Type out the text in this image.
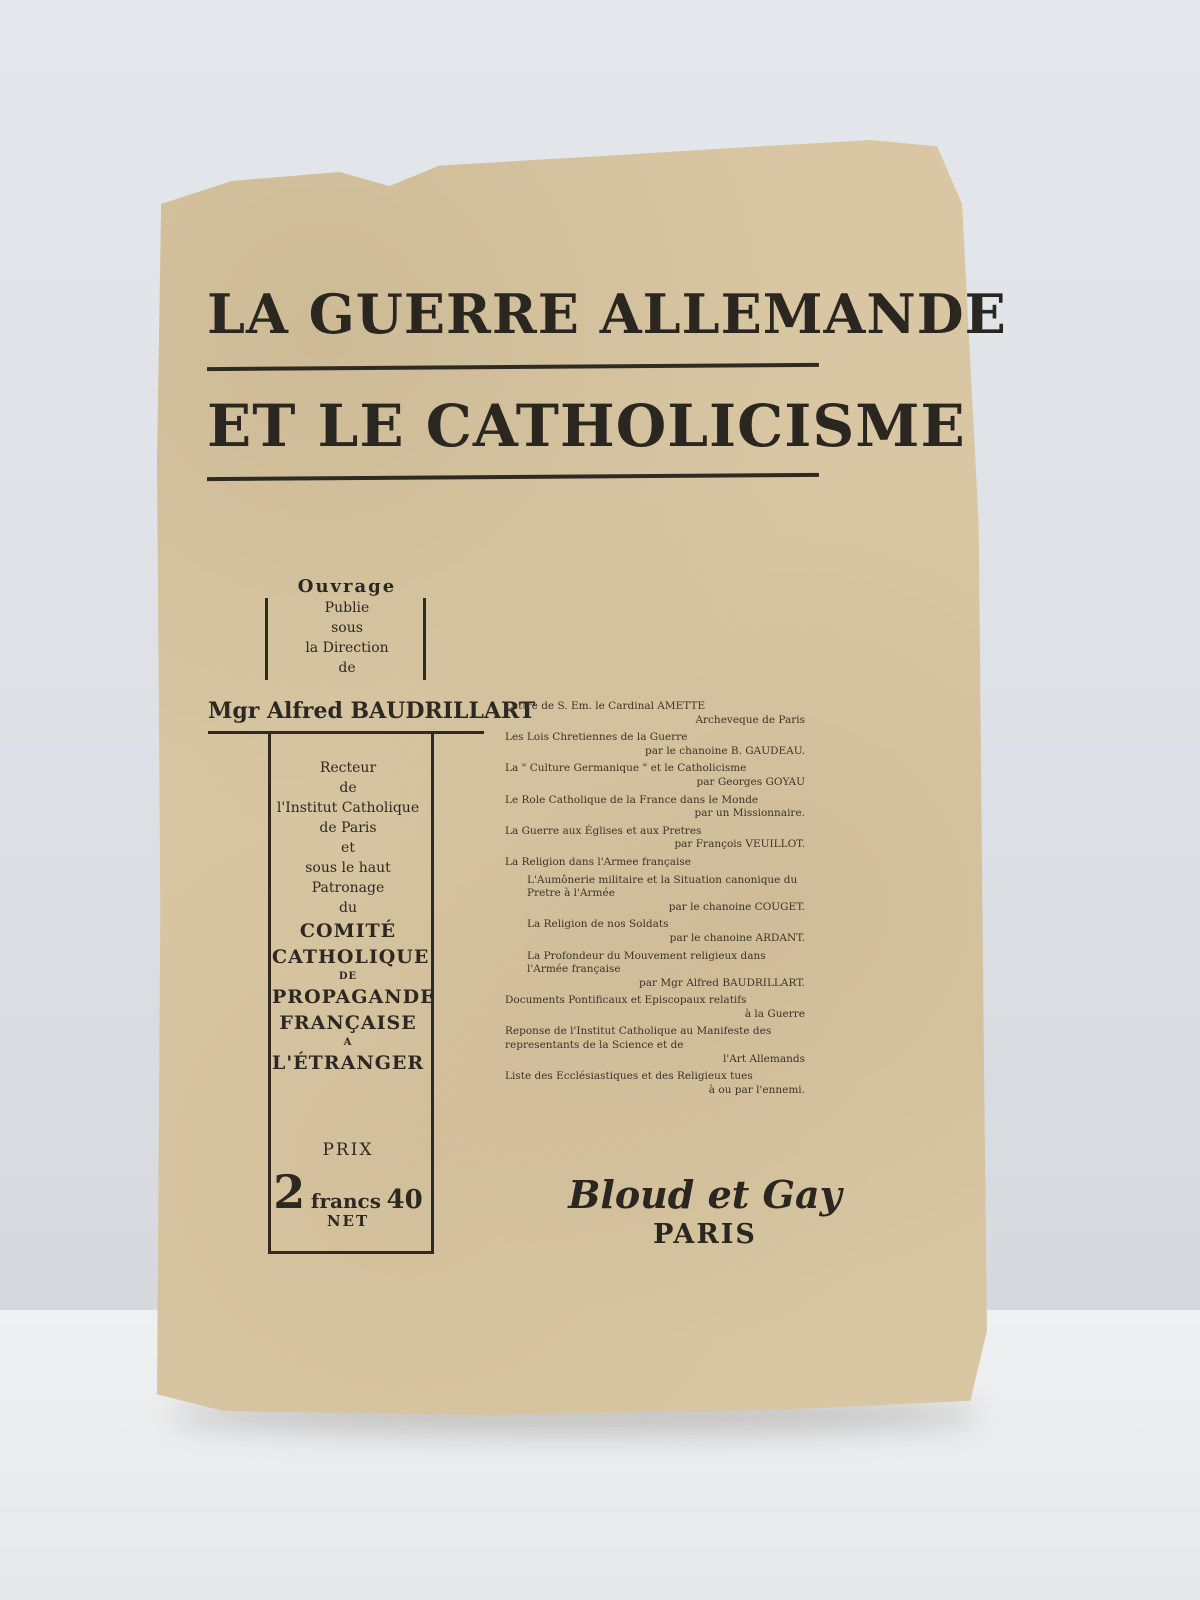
LA GUERRE ALLEMANDE
ET LE CATHOLICISME
Ouvrage
Publie
sous
la Direction
de
Mgr Alfred BAUDRILLART
Recteur
de
l'Institut Catholique
de Paris
et
sous le haut
Patronage
du
COMITÉ
CATHOLIQUE
DE
PROPAGANDE
FRANÇAISE
A
L'ÉTRANGER
PRIX
2 francs 40
NET
Lettre de S. Em. le Cardinal AMETTE
Archeveque de Paris
Les Lois Chretiennes de la Guerre
par le chanoine B. GAUDEAU.
La " Culture Germanique " et le Catholicisme
par Georges GOYAU
Le Role Catholique de la France dans le Monde
par un Missionnaire.
La Guerre aux Églises et aux Pretres
par François VEUILLOT.
La Religion dans l'Armee française
L'Aumônerie militaire et la Situation canonique du Pretre à l'Armée
par le chanoine COUGET.
La Religion de nos Soldats
par le chanoine ARDANT.
La Profondeur du Mouvement religieux dans l'Armée française
par Mgr Alfred BAUDRILLART.
Documents Pontificaux et Episcopaux relatifs
à la Guerre
Reponse de l'Institut Catholique au Manifeste des representants de la Science et de
l'Art Allemands
Liste des Ecclésiastiques et des Religieux tues
à ou par l'ennemi.
Bloud et Gay
PARIS
